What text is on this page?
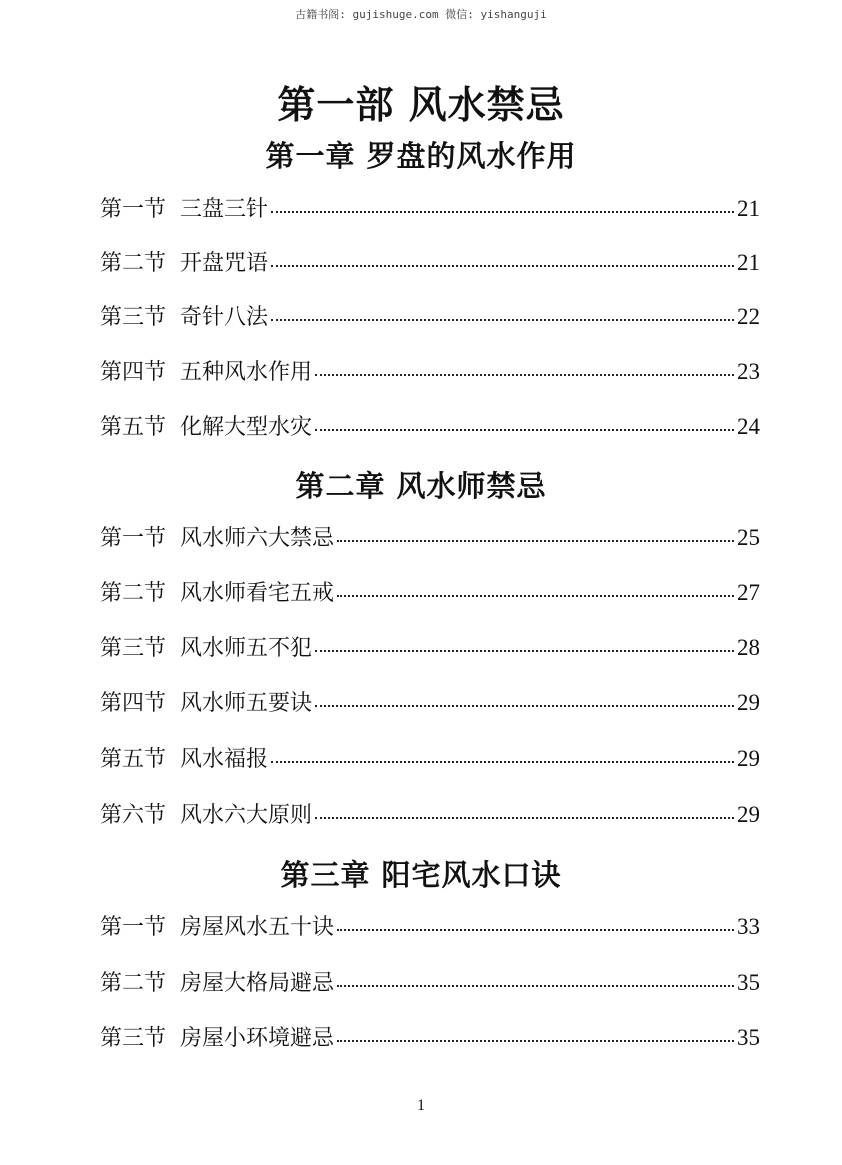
古籍书阁: gujishuge.com 微信: yishanguji
第一部 风水禁忌
第一章 罗盘的风水作用
第一节 三盘三针	21
第二节 开盘咒语	21
第三节 奇针八法	22
第四节 五种风水作用	23
第五节 化解大型水灾	24
第二章 风水师禁忌
第一节 风水师六大禁忌	25
第二节 风水师看宅五戒	27
第三节 风水师五不犯	28
第四节 风水师五要诀	29
第五节 风水福报	29
第六节 风水六大原则	29
第三章 阳宅风水口诀
第一节 房屋风水五十诀	33
第二节 房屋大格局避忌	35
第三节 房屋小环境避忌	35
1
